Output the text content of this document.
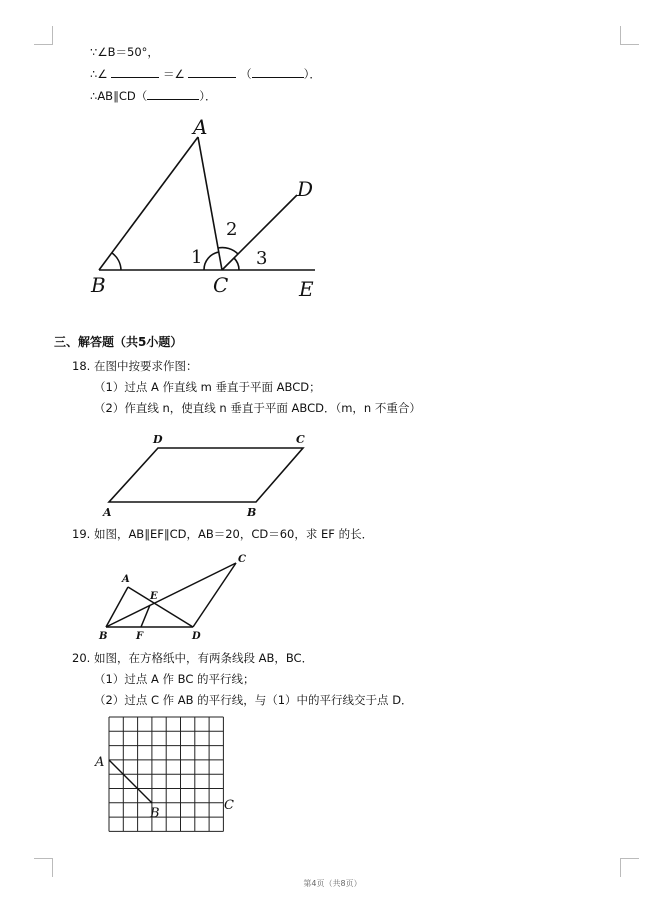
∵∠B＝50°，
∴∠	＝∠	（	）．
∴AB∥CD（	）．
A
B	C
D
E
1
2
3
三、解答题（共5小题）
18. 在图中按要求作图：
（1）过点 A 作直线 m 垂直于平面 ABCD；
（2）作直线 n，使直线 n 垂直于平面 ABCD．（m，n 不重合）
A	B
C
D
19. 如图，AB∥EF∥CD，AB＝20，CD＝60，求 EF 的长．
A
B
C
D
E
F
20. 如图，在方格纸中，有两条线段 AB，BC．
（1）过点 A 作 BC 的平行线；
（2）过点 C 作 AB 的平行线，与（1）中的平行线交于点 D．
A
B
C
第4页（共8页）
